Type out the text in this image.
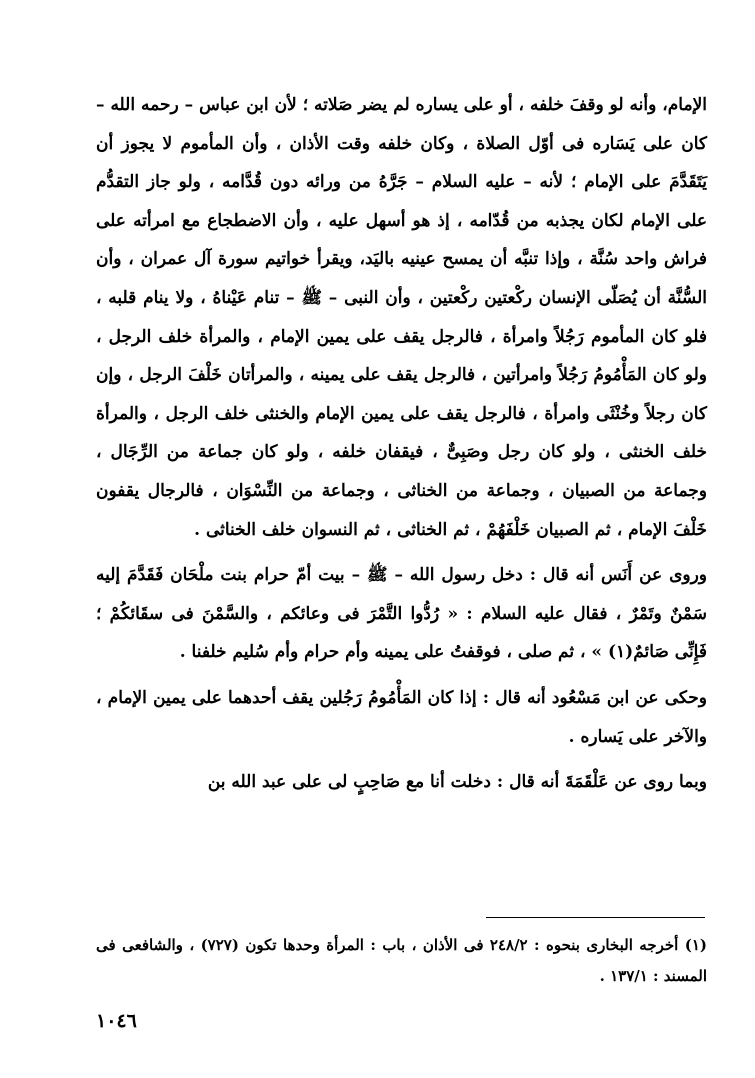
الإمام، وأنه لو وقفَ خلفه ، أو على يساره لم يضر صَلاته ؛ لأن ابن عباس – رحمه الله – كان على يَسَاره فى أوّل الصلاة ، وكان خلفه وقت الأذان ، وأن المأموم لا يجوز أن يَتَقَدَّمَ على الإمام ؛ لأنه – عليه السلام – جَرَّهُ من ورائه دون قُدَّامه ، ولو جاز التقدُّم على الإمام لكان يجذبه من قُدّامه ، إذ هو أسهل عليه ، وأن الاضطجاع مع امرأته على فراش واحد سُنَّة ، وإذا تنبَّه أن يمسح عينيه باليَد، ويقرأ خواتيم سورة آل عمران ، وأن السُّنَّة أن يُصَلّى الإنسان ركْعتين ركْعتين ، وأن النبى – ﷺ – تنام عَيْناهُ ، ولا ينام قلبه ، فلو كان المأموم رَجُلاً وامرأة ، فالرجل يقف على يمين الإمام ، والمرأة خلف الرجل ، ولو كان المَأْمُومُ رَجُلاً وامرأتين ، فالرجل يقف على يمينه ، والمرأتان خَلْفَ الرجل ، وإن كان رجلاً وخُنْثَى وامرأة ، فالرجل يقف على يمين الإمام والخنثى خلف الرجل ، والمرأة خلف الخنثى ، ولو كان رجل وصَبِىٌّ ، فيقفان خلفه ، ولو كان جماعة من الرِّجَال ، وجماعة من الصبيان ، وجماعة من الخناثى ، وجماعة من النِّسْوَان ، فالرجال يقفون خَلْفَ الإمام ، ثم الصبيان خَلْفَهُمْ ، ثم الخناثى ، ثم النسوان خلف الخناثى .

وروى عن أَنَس أنه قال : دخل رسول الله – ﷺ – بيت أمّ حرام بنت ملْحَان فَقَدَّمَ إليه سَمْنٌ وتَمْرٌ ، فقال عليه السلام : « رُدُّوا التَّمْرَ فى وعائكم ، والسَّمْنَ فى سقَائكُمْ ؛ فَإِنِّى صَائمٌ(١) » ، ثم صلى ، فوقفتُ على يمينه وأم حرام وأم سُليم خلفنا .

وحكى عن ابن مَسْعُود أنه قال : إذا كان المَأْمُومُ رَجُلين يقف أحدهما على يمين الإمام ، والآخر على يَساره .

وبما روى عن عَلْقَمَةَ أنه قال : دخلت أنا مع صَاحِبٍ لى على عبد الله بن

(١) أخرجه البخارى بنحوه : ٢٤٨/٢ فى الأذان ، باب : المرأة وحدها تكون (٧٢٧) ، والشافعى فى المسند : ١٣٧/١ .

١٠٤٦
